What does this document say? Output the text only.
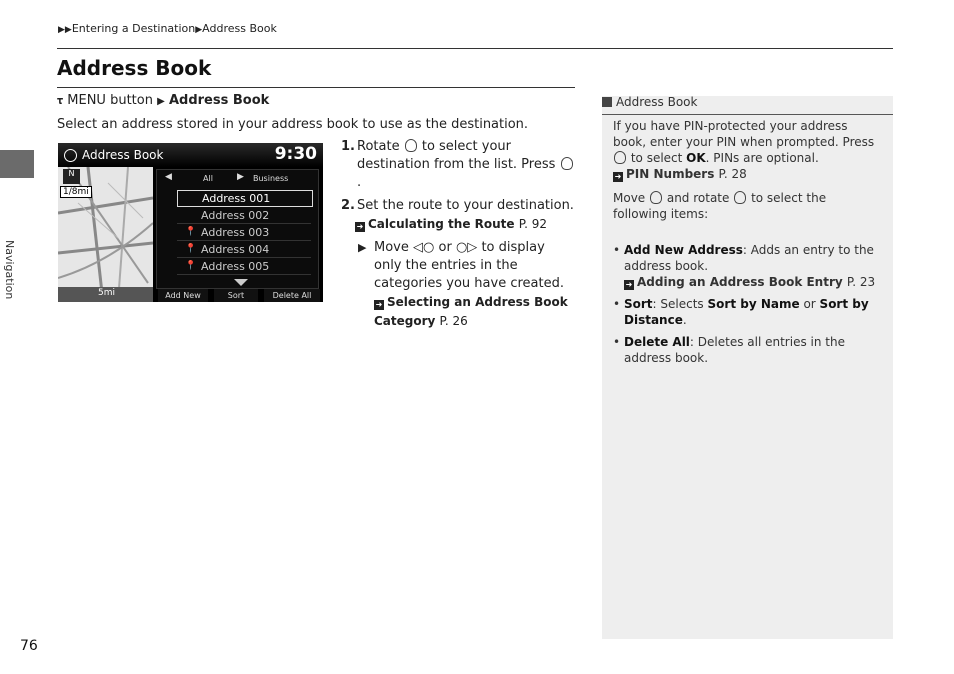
▶▶Entering a Destination▶Address Book
Address Book
Navigation
𝛕 MENU button ▶ Address Book
Select an address stored in your address book to use as the destination.
N
1/8mi
5mi
Address Book	9:30
◀	All	▶ Business
Address 001
Address 002
📍 Address 003
📍 Address 004
📍 Address 005
Add New	Sort	Delete All
1. Rotate to select your destination from the list. Press .
2. Set the route to your destination.
➜ Calculating the Route P. 92
▶ Move ◁○ or ○▷ to display only the entries in the categories you have created.
➜ Selecting an Address Book Category P. 26
Address Book

If you have PIN-protected your address book, enter your PIN when prompted. Press  to select OK. PINs are optional.
➜ PIN Numbers P. 28

Move and rotate to select the following items:

• Add New Address: Adds an entry to the address book.
➜ Adding an Address Book Entry P. 23
• Sort: Selects Sort by Name or Sort by Distance.
• Delete All: Deletes all entries in the address book.
76
